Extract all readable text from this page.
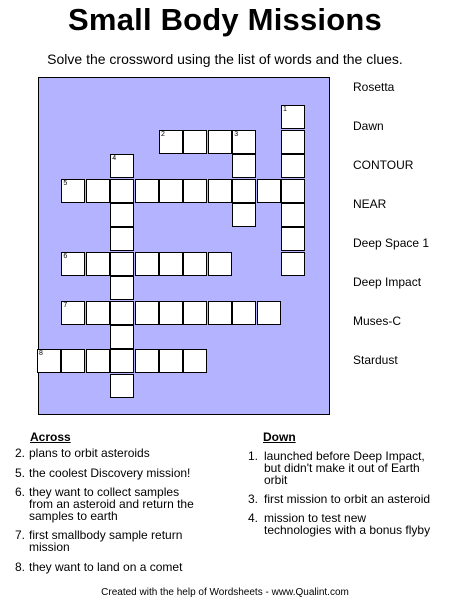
Small Body Missions
Solve the crossword using the list of words and the clues.
1
2	3
4
5
6
7
8
Rosetta
Dawn
CONTOUR
NEAR
Deep Space 1
Deep Impact
Muses-C
Stardust
Across
2. plans to orbit asteroids
5. the coolest Discovery mission!
6. they want to collect samples
from an asteroid and return the
samples to earth
7. first smallbody sample return
mission
8. they want to land on a comet
Down
1. launched before Deep Impact,
but didn't make it out of Earth
orbit
3. first mission to orbit an asteroid
4. mission to test new
technologies with a bonus flyby
Created with the help of Wordsheets - www.Qualint.com
